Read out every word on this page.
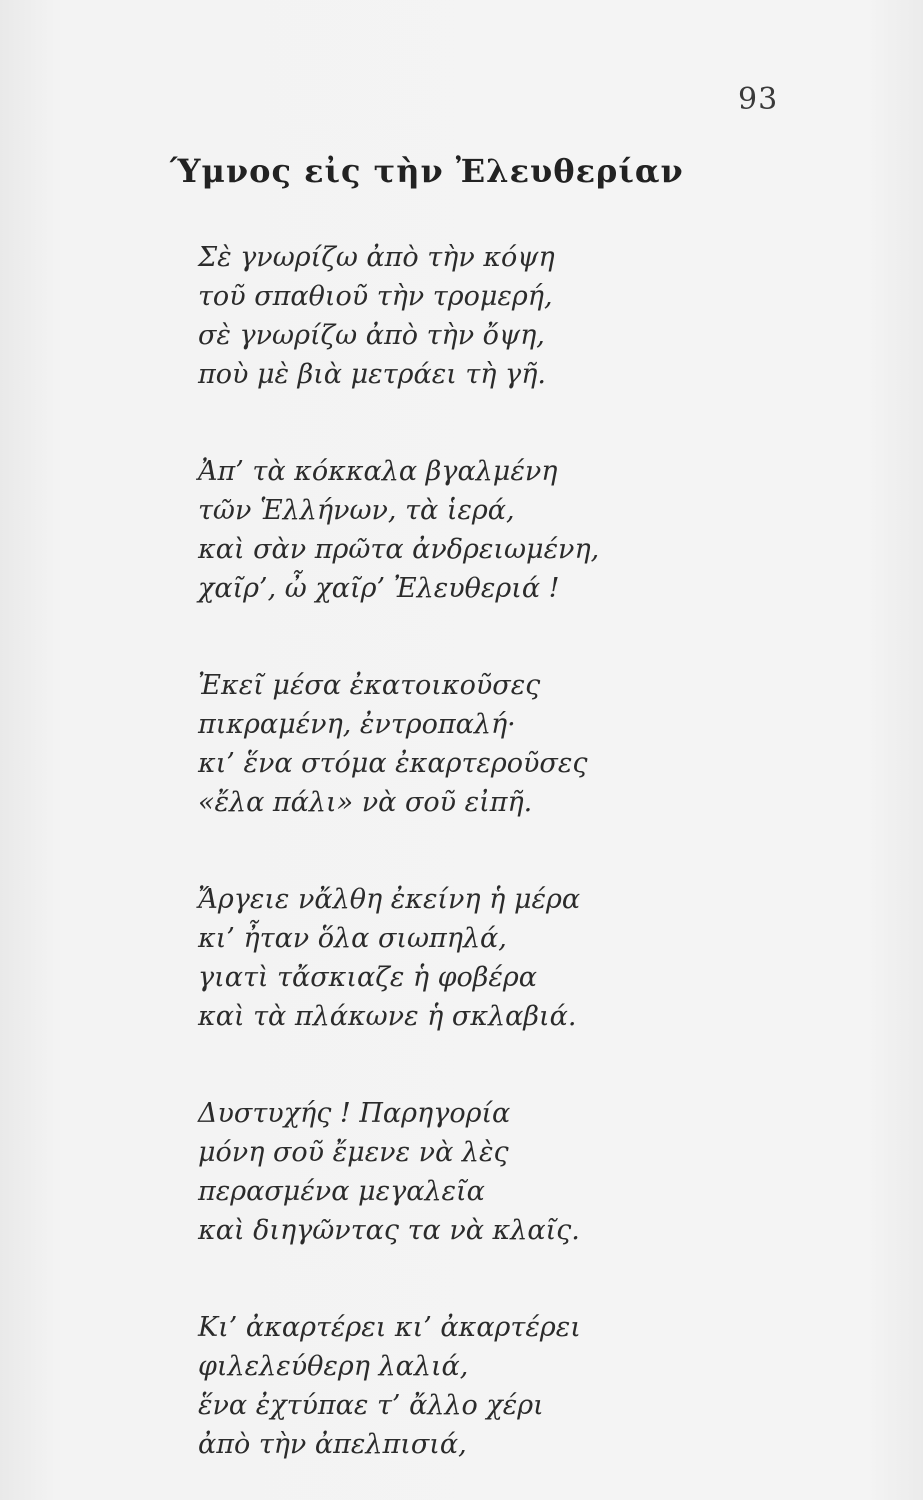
93
Ύμνος εἰς τὴν Ἐλευθερίαν
Σὲ γνωρίζω ἀπὸ τὴν κόψη
τοῦ σπαθιοῦ τὴν τρομερή,
σὲ γνωρίζω ἀπὸ τὴν ὄψη,
ποὺ μὲ βιὰ μετράει τὴ γῆ.
Ἀπ’ τὰ κόκκαλα βγαλμένη
τῶν Ἑλλήνων, τὰ ἱερά,
καὶ σὰν πρῶτα ἀνδρειωμένη,
χαῖρ’, ὦ χαῖρ’ Ἐλευθεριά !
Ἐκεῖ μέσα ἐκατοικοῦσες
πικραμένη, ἐντροπαλή·
κι’ ἕνα στόμα ἐκαρτεροῦσες
«ἔλα πάλι» νὰ σοῦ εἰπῆ.
Ἄργειε νἄλθη ἐκείνη ἡ μέρα
κι’ ἦταν ὅλα σιωπηλά,
γιατὶ τἄσκιαζε ἡ φοβέρα
καὶ τὰ πλάκωνε ἡ σκλαβιά.
Δυστυχής ! Παρηγορία
μόνη σοῦ ἔμενε νὰ λὲς
περασμένα μεγαλεῖα
καὶ διηγῶντας τα νὰ κλαῖς.
Κι’ ἀκαρτέρει κι’ ἀκαρτέρει
φιλελεύθερη λαλιά,
ἕνα ἐχτύπαε τ’ ἄλλο χέρι
ἀπὸ τὴν ἀπελπισιά,
